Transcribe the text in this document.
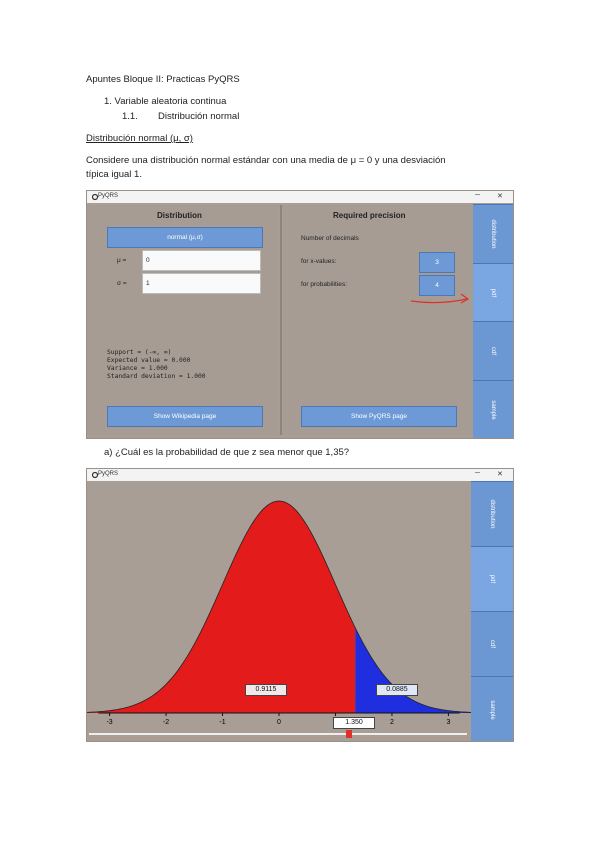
Apuntes Bloque II: Practicas PyQRS
1. Variable aleatoria continua
1.1. Distribución normal
Distribución normal (μ, σ)
Considere una distribución normal estándar con una media de μ = 0 y una desviación
típica igual 1.
PyQRS	─ ✕
Distribution
normal (μ,σ)
μ =	0
σ =	1
Support = (-∞, ∞)
Expected value = 0.000
Variance = 1.000
Standard deviation = 1.000
Show Wikipedia page
Required precision
Number of decimals
for x-values:	3
for probabilities:	4
Show PyQRS page
distribution
pdf
cdf
sample
a) ¿Cuál es la probabilidad de que z sea menor que 1,35?
PyQRS	─ ✕
-3	-2	-1	0	2	3
0.9115	0.0885
1.350
distribution
pdf
cdf
sample
